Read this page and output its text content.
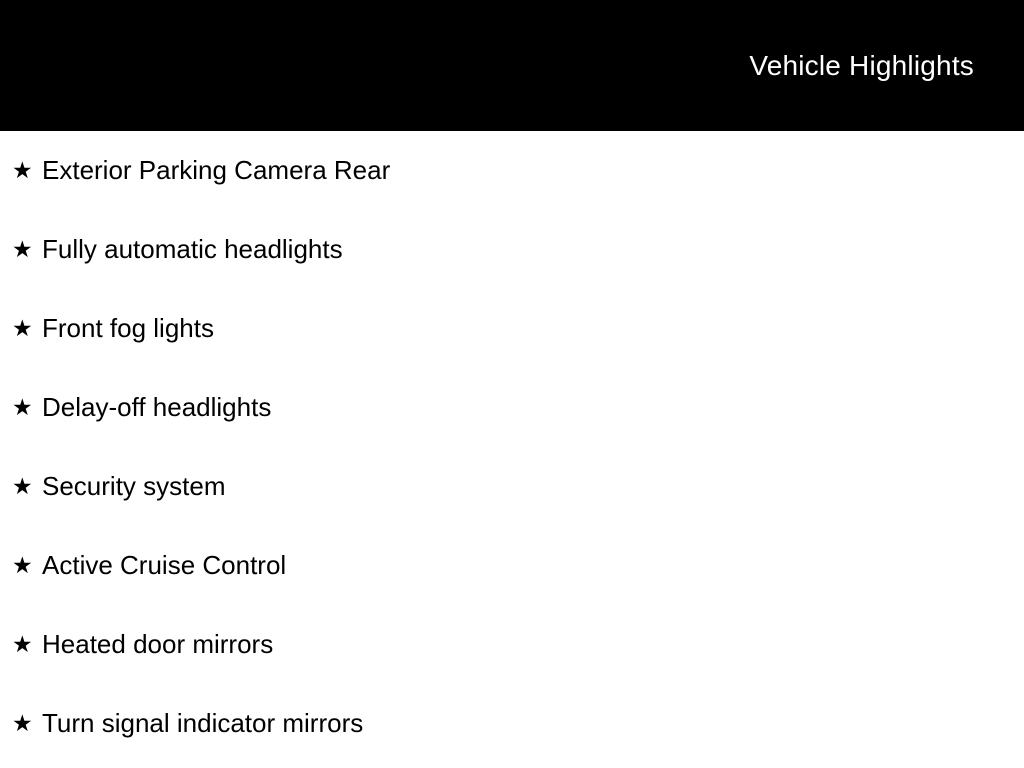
Vehicle Highlights
★ Exterior Parking Camera Rear
★ Fully automatic headlights
★ Front fog lights
★ Delay-off headlights
★ Security system
★ Active Cruise Control
★ Heated door mirrors
★ Turn signal indicator mirrors
